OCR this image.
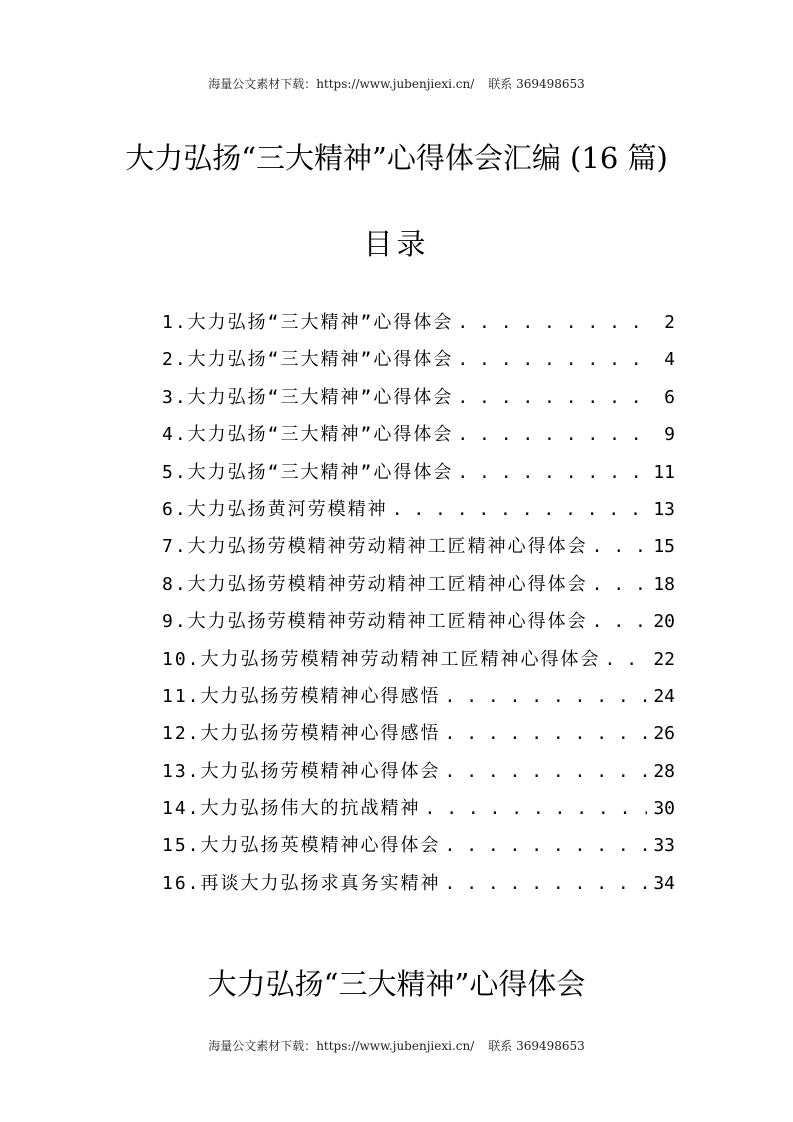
海量公文素材下载：https://www.jubenjiexi.cn/ 联系 369498653
大力弘扬“三大精神”心得体会汇编 (16 篇)
目录
1.大力弘扬“三大精神”心得体会 . . .	2
2.大力弘扬“三大精神”心得体会 . . .	4
3.大力弘扬“三大精神”心得体会 . . .	6
4.大力弘扬“三大精神”心得体会 . . .	9
5.大力弘扬“三大精神”心得体会 . . .	11
6.大力弘扬黄河劳模精神 . . .	13
7.大力弘扬劳模精神劳动精神工匠精神心得体会 . . .	15
8.大力弘扬劳模精神劳动精神工匠精神心得体会 . . .	18
9.大力弘扬劳模精神劳动精神工匠精神心得体会 . . .	20
10.大力弘扬劳模精神劳动精神工匠精神心得体会 . . .	22
11.大力弘扬劳模精神心得感悟 . . .	24
12.大力弘扬劳模精神心得感悟 . . .	26
13.大力弘扬劳模精神心得体会 . . .	28
14.大力弘扬伟大的抗战精神 . . .	30
15.大力弘扬英模精神心得体会 . . .	33
16.再谈大力弘扬求真务实精神 . . .	34
大力弘扬“三大精神”心得体会
海量公文素材下载：https://www.jubenjiexi.cn/ 联系 369498653
